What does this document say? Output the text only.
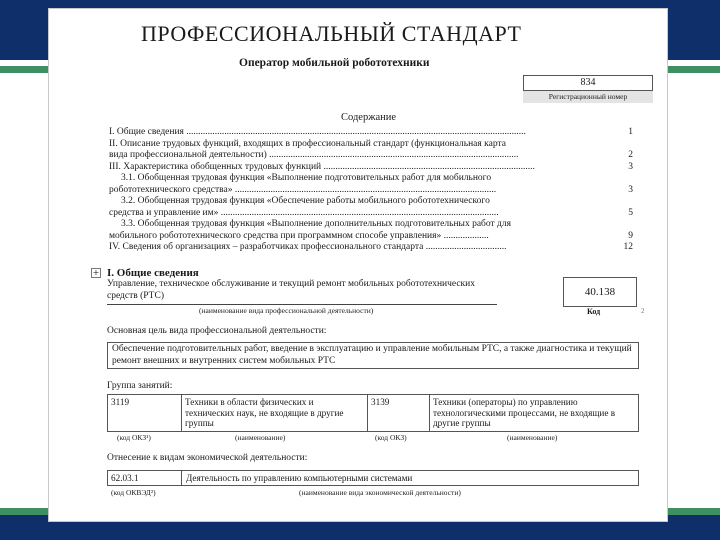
ПРОФЕССИОНАЛЬНЫЙ СТАНДАРТ
Оператор мобильной робототехники
834
Регистрационный номер
Содержание
I. Общие сведения ...............................................................................................................................................	1
II. Описание трудовых функций, входящих в профессиональный стандарт (функциональная карта
вида профессиональной деятельности) .........................................................................................................	2
III. Характеристика обобщенных трудовых функций .........................................................................................	3
3.1. Обобщенная трудовая функция «Выполнение подготовительных работ для мобильного
робототехнического средства» ..............................................................................................................	3
3.2. Обобщенная трудовая функция «Обеспечение работы мобильного робототехнического
средства и управление им» .....................................................................................................................	5
3.3. Обобщенная трудовая функция «Выполнение дополнительных подготовительных работ для
мобильного робототехнического средства при программном способе управления» ...................	9
IV. Сведения об организациях – разработчиках профессионального стандарта ..................................	12
+ I. Общие сведения
Управление, техническое обслуживание и текущий ремонт мобильных робототехнических средств (РТС)
(наименование вида профессиональной деятельности)
40.138
Код	2
Основная цель вида профессиональной деятельности:
Обеспечение подготовительных работ, введение в эксплуатацию и управление мобильным РТС, а также диагностика и текущий ремонт внешних и внутренних систем мобильных РТС
Группа занятий:
3119	Техники в области физических и технических наук, не входящие в другие группы
3139	Техники (операторы) по управлению технологическими процессами, не входящие в другие группы
(код ОКЗ¹)	(наименование)	(код ОКЗ)	(наименование)
Отнесение к видам экономической деятельности:
62.03.1	Деятельность по управлению компьютерными системами
(код ОКВЭД²)	(наименование вида экономической деятельности)
